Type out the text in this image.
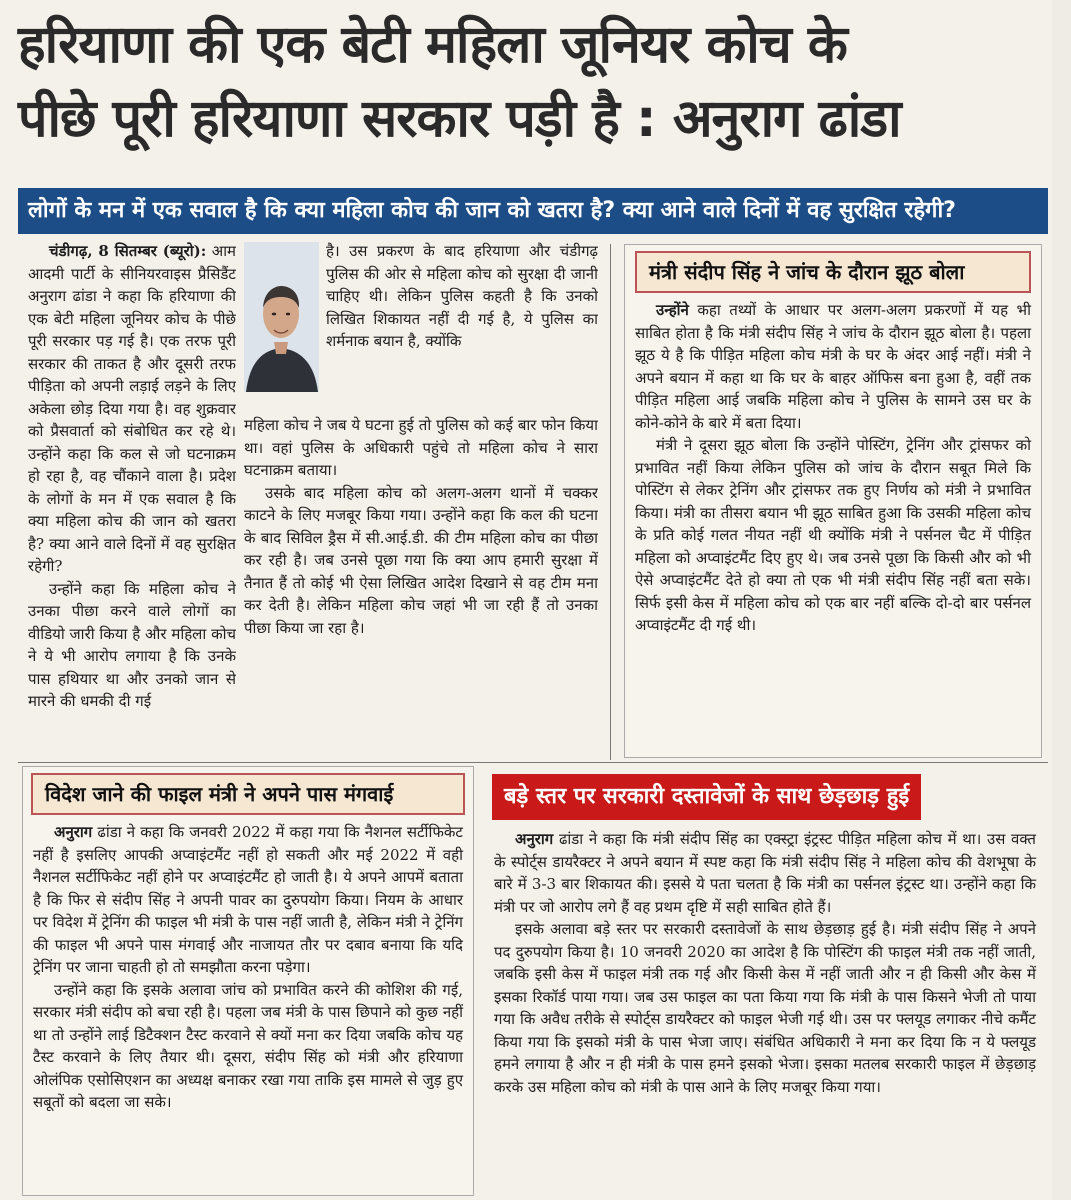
हरियाणा की एक बेटी महिला जूनियर कोच के
पीछे पूरी हरियाणा सरकार पड़ी है : अनुराग ढांडा
लोगों के मन में एक सवाल है कि क्या महिला कोच की जान को खतरा है? क्या आने वाले दिनों में वह सुरक्षित रहेगी?

चंडीगढ़, 8 सितम्बर (ब्यूरो): आम आदमी पार्टी के सीनियरवाइस प्रैसिडैंट अनुराग ढांडा ने कहा कि हरियाणा की एक बेटी महिला जूनियर कोच के पीछे पूरी सरकार पड़ गई है। एक तरफ पूरी सरकार की ताकत है और दूसरी तरफ पीड़िता को अपनी लड़ाई लड़ने के लिए अकेला छोड़ दिया गया है। वह शुक्रवार को प्रैसवार्ता को संबोधित कर रहे थे। उन्होंने कहा कि कल से जो घटनाक्रम हो रहा है, वह चौंकाने वाला है। प्रदेश के लोगों के मन में एक सवाल है कि क्या महिला कोच की जान को खतरा है? क्या आने वाले दिनों में वह सुरक्षित रहेगी?

उन्होंने कहा कि महिला कोच ने उनका पीछा करने वाले लोगों का वीडियो जारी किया है और महिला कोच ने ये भी आरोप लगाया है कि उनके पास हथियार था और उनको जान से मारने की धमकी दी गई

है। उस प्रकरण के बाद हरियाणा और चंडीगढ़ पुलिस की ओर से महिला कोच को सुरक्षा दी जानी चाहिए थी। लेकिन पुलिस कहती है कि उनको लिखित शिकायत नहीं दी गई है, ये पुलिस का शर्मनाक बयान है, क्योंकि

महिला कोच ने जब ये घटना हुई तो पुलिस को कई बार फोन किया था। वहां पुलिस के अधिकारी पहुंचे तो महिला कोच ने सारा घटनाक्रम बताया।

उसके बाद महिला कोच को अलग-अलग थानों में चक्कर काटने के लिए मजबूर किया गया। उन्होंने कहा कि कल की घटना के बाद सिविल ड्रैस में सी.आई.डी. की टीम महिला कोच का पीछा कर रही है। जब उनसे पूछा गया कि क्या आप हमारी सुरक्षा में तैनात हैं तो कोई भी ऐसा लिखित आदेश दिखाने से वह टीम मना कर देती है। लेकिन महिला कोच जहां भी जा रही हैं तो उनका पीछा किया जा रहा है।

मंत्री संदीप सिंह ने जांच के दौरान झूठ बोला

उन्होंने कहा तथ्यों के आधार पर अलग-अलग प्रकरणों में यह भी साबित होता है कि मंत्री संदीप सिंह ने जांच के दौरान झूठ बोला है। पहला झूठ ये है कि पीड़ित महिला कोच मंत्री के घर के अंदर आई नहीं। मंत्री ने अपने बयान में कहा था कि घर के बाहर ऑफिस बना हुआ है, वहीं तक पीड़ित महिला आई जबकि महिला कोच ने पुलिस के सामने उस घर के कोने-कोने के बारे में बता दिया।

मंत्री ने दूसरा झूठ बोला कि उन्होंने पोस्टिंग, ट्रेनिंग और ट्रांसफर को प्रभावित नहीं किया लेकिन पुलिस को जांच के दौरान सबूत मिले कि पोस्टिंग से लेकर ट्रेनिंग और ट्रांसफर तक हुए निर्णय को मंत्री ने प्रभावित किया। मंत्री का तीसरा बयान भी झूठ साबित हुआ कि उसकी महिला कोच के प्रति कोई गलत नीयत नहीं थी क्योंकि मंत्री ने पर्सनल चैट में पीड़ित महिला को अप्वाइंटमैंट दिए हुए थे। जब उनसे पूछा कि किसी और को भी ऐसे अप्वाइंटमैंट देते हो क्या तो एक भी मंत्री संदीप सिंह नहीं बता सके। सिर्फ इसी केस में महिला कोच को एक बार नहीं बल्कि दो-दो बार पर्सनल अप्वाइंटमैंट दी गई थी।

विदेश जाने की फाइल मंत्री ने अपने पास मंगवाई

अनुराग ढांडा ने कहा कि जनवरी 2022 में कहा गया कि नैशनल सर्टीफिकेट नहीं है इसलिए आपकी अप्वाइंटमैंट नहीं हो सकती और मई 2022 में वही नैशनल सर्टीफिकेट नहीं होने पर अप्वाइंटमैंट हो जाती है। ये अपने आपमें बताता है कि फिर से संदीप सिंह ने अपनी पावर का दुरुपयोग किया। नियम के आधार पर विदेश में ट्रेनिंग की फाइल भी मंत्री के पास नहीं जाती है, लेकिन मंत्री ने ट्रेनिंग की फाइल भी अपने पास मंगवाई और नाजायत तौर पर दबाव बनाया कि यदि ट्रेनिंग पर जाना चाहती हो तो समझौता करना पड़ेगा।

उन्होंने कहा कि इसके अलावा जांच को प्रभावित करने की कोशिश की गई, सरकार मंत्री संदीप को बचा रही है। पहला जब मंत्री के पास छिपाने को कुछ नहीं था तो उन्होंने लाई डिटैक्शन टैस्ट करवाने से क्यों मना कर दिया जबकि कोच यह टैस्ट करवाने के लिए तैयार थी। दूसरा, संदीप सिंह को मंत्री और हरियाणा ओलंपिक एसोसिएशन का अध्यक्ष बनाकर रखा गया ताकि इस मामले से जुड़ हुए सबूतों को बदला जा सके।

बड़े स्तर पर सरकारी दस्तावेजों के साथ छेड़छाड़ हुई

अनुराग ढांडा ने कहा कि मंत्री संदीप सिंह का एक्स्ट्रा इंट्रस्ट पीड़ित महिला कोच में था। उस वक्त के स्पोर्ट्स डायरैक्टर ने अपने बयान में स्पष्ट कहा कि मंत्री संदीप सिंह ने महिला कोच की वेशभूषा के बारे में 3-3 बार शिकायत की। इससे ये पता चलता है कि मंत्री का पर्सनल इंट्रस्ट था। उन्होंने कहा कि मंत्री पर जो आरोप लगे हैं वह प्रथम दृष्टि में सही साबित होते हैं।

इसके अलावा बड़े स्तर पर सरकारी दस्तावेजों के साथ छेड़छाड़ हुई है। मंत्री संदीप सिंह ने अपने पद दुरुपयोग किया है। 10 जनवरी 2020 का आदेश है कि पोस्टिंग की फाइल मंत्री तक नहीं जाती, जबकि इसी केस में फाइल मंत्री तक गई और किसी केस में नहीं जाती और न ही किसी और केस में इसका रिकॉर्ड पाया गया। जब उस फाइल का पता किया गया कि मंत्री के पास किसने भेजी तो पाया गया कि अवैध तरीके से स्पोर्ट्स डायरैक्टर को फाइल भेजी गई थी। उस पर फ्लयूड लगाकर नीचे कमैंट किया गया कि इसको मंत्री के पास भेजा जाए। संबंधित अधिकारी ने मना कर दिया कि न ये फ्लयूड हमने लगाया है और न ही मंत्री के पास हमने इसको भेजा। इसका मतलब सरकारी फाइल में छेड़छाड़ करके उस महिला कोच को मंत्री के पास आने के लिए मजबूर किया गया।
